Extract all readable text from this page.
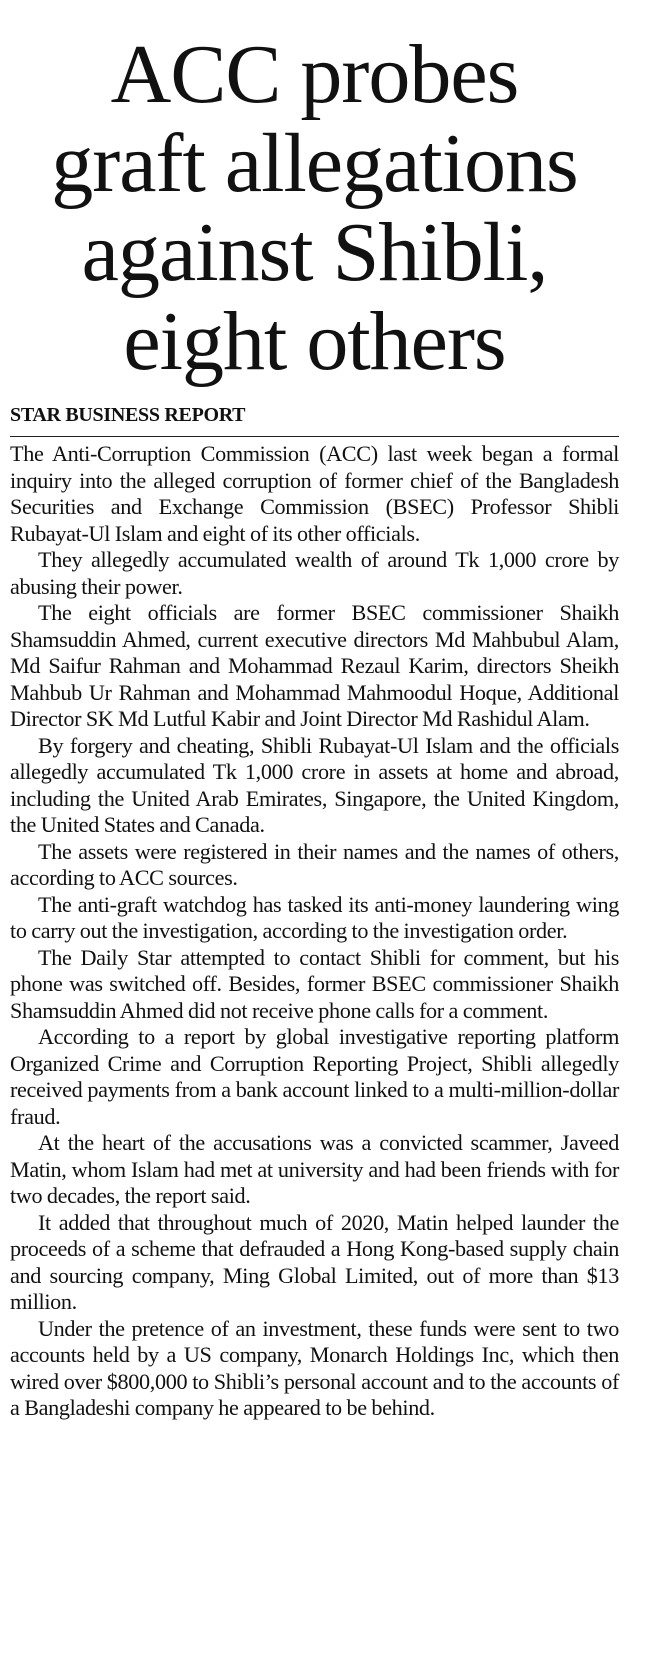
ACC probes
graft allegations
against Shibli,
eight others
STAR BUSINESS REPORT

The Anti-Corruption Commission (ACC) last week began a formal inquiry into the alleged corruption of former chief of the Bangladesh Securities and Exchange Commission (BSEC) Professor Shibli Rubayat-Ul Islam and eight of its other officials.

They allegedly accumulated wealth of around Tk 1,000 crore by abusing their power.

The eight officials are former BSEC commissioner Shaikh Shamsuddin Ahmed, current executive directors Md Mahbubul Alam, Md Saifur Rahman and Mohammad Rezaul Karim, directors Sheikh Mahbub Ur Rahman and Mohammad Mahmoodul Hoque, Additional Director SK Md Lutful Kabir and Joint Director Md Rashidul Alam.

By forgery and cheating, Shibli Rubayat-Ul Islam and the officials allegedly accumulated Tk 1,000 crore in assets at home and abroad, including the United Arab Emirates, Singapore, the United Kingdom, the United States and Canada.

The assets were registered in their names and the names of others, according to ACC sources.

The anti-graft watchdog has tasked its anti-money laundering wing to carry out the investigation, according to the investigation order.

The Daily Star attempted to contact Shibli for comment, but his phone was switched off. Besides, former BSEC commissioner Shaikh Shamsuddin Ahmed did not receive phone calls for a comment.

According to a report by global investigative reporting platform Organized Crime and Corruption Reporting Project, Shibli allegedly received payments from a bank account linked to a multi-million-dollar fraud.

At the heart of the accusations was a convicted scammer, Javeed Matin, whom Islam had met at university and had been friends with for two decades, the report said.

It added that throughout much of 2020, Matin helped launder the proceeds of a scheme that defrauded a Hong Kong-based supply chain and sourcing company, Ming Global Limited, out of more than $13 million.

Under the pretence of an investment, these funds were sent to two accounts held by a US company, Monarch Holdings Inc, which then wired over $800,000 to Shibli’s personal account and to the accounts of a Bangladeshi company he appeared to be behind.
